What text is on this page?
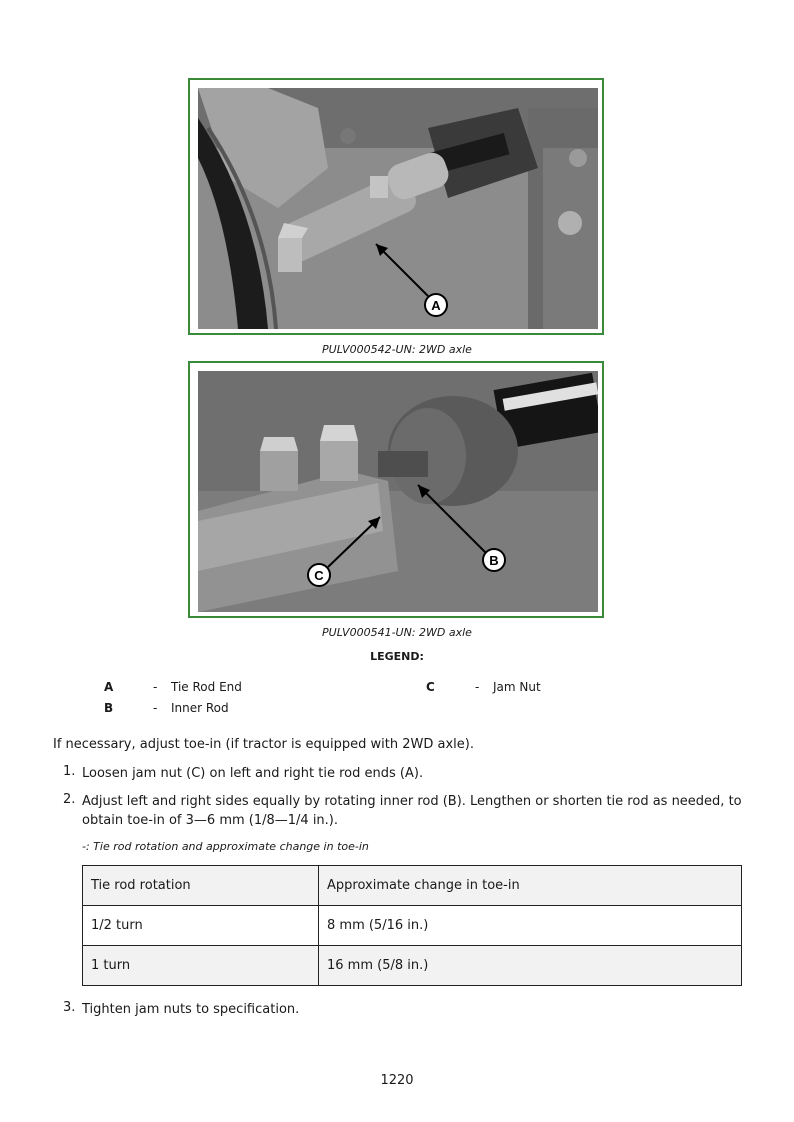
A
PULV000542-UN: 2WD axle
B
C
PULV000541-UN: 2WD axle
LEGEND:
A	- Tie Rod End
B	- Inner Rod
C	- Jam Nut
If necessary, adjust toe-in (if tractor is equipped with 2WD axle).
1. Loosen jam nut (C) on left and right tie rod ends (A).
2. Adjust left and right sides equally by rotating inner rod (B). Lengthen or shorten tie rod as needed, to
obtain toe-in of 3—6 mm (1/8—1/4 in.).
-: Tie rod rotation and approximate change in toe-in
Tie rod rotation	Approximate change in toe-in
1/2 turn	8 mm (5/16 in.)
1 turn	16 mm (5/8 in.)
3. Tighten jam nuts to specification.
1220
